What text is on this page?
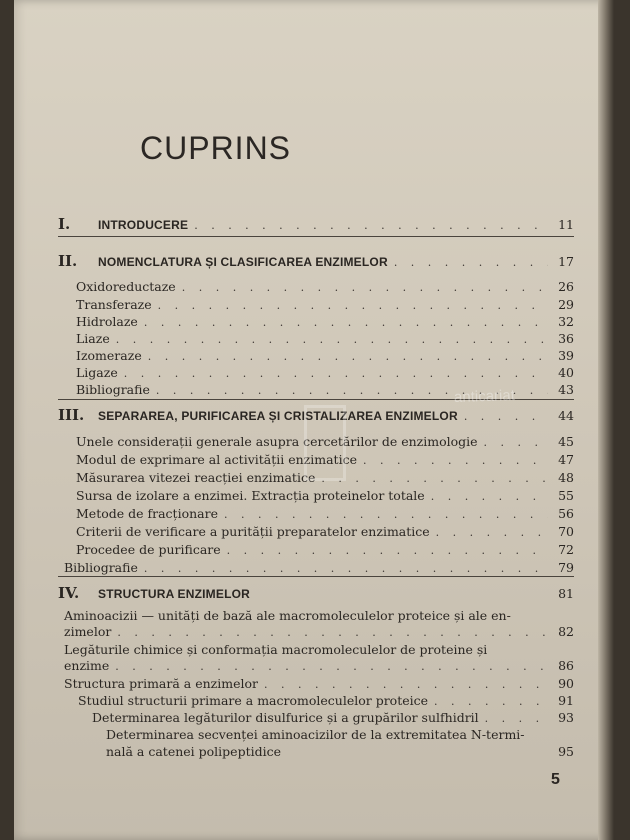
CUPRINS
I.	INTRODUCERE . . .	11
II.	NOMENCLATURA ȘI CLASIFICAREA ENZIMELOR . . .	17
Oxidoreductaze . . .	26
Transferaze . . .	29
Hidrolaze . . .	32
Liaze . . .	36
Izomeraze . . .	39
Ligaze . . .	40
Bibliografie . . .	43
III.	SEPARAREA, PURIFICAREA ȘI CRISTALIZAREA ENZIMELOR . . .	44
Unele considerații generale asupra cercetărilor de enzimologie . . .	45
Modul de exprimare al activității enzimatice . . .	47
Măsurarea vitezei reacției enzimatice . . .	48
Sursa de izolare a enzimei. Extracția proteinelor totale . . .	55
Metode de fracționare . . .	56
Criterii de verificare a purității preparatelor enzimatice . . .	70
Procedee de purificare . . .	72
Bibliografie . . .	79
IV.	STRUCTURA ENZIMELOR	81
Aminoacizii — unități de bază ale macromoleculelor proteice și ale en-
zimelor . . .	82
Legăturile chimice și conformația macromoleculelor de proteine și
enzime . . .	86
Structura primară a enzimelor . . .	90
Studiul structurii primare a macromoleculelor proteice . . .	91
Determinarea legăturilor disulfurice și a grupărilor sulfhidril . . .	93
Determinarea secvenței aminoacizilor de la extremitatea N-termi-
nală a catenei polipeptidice	95
anticariat
5
